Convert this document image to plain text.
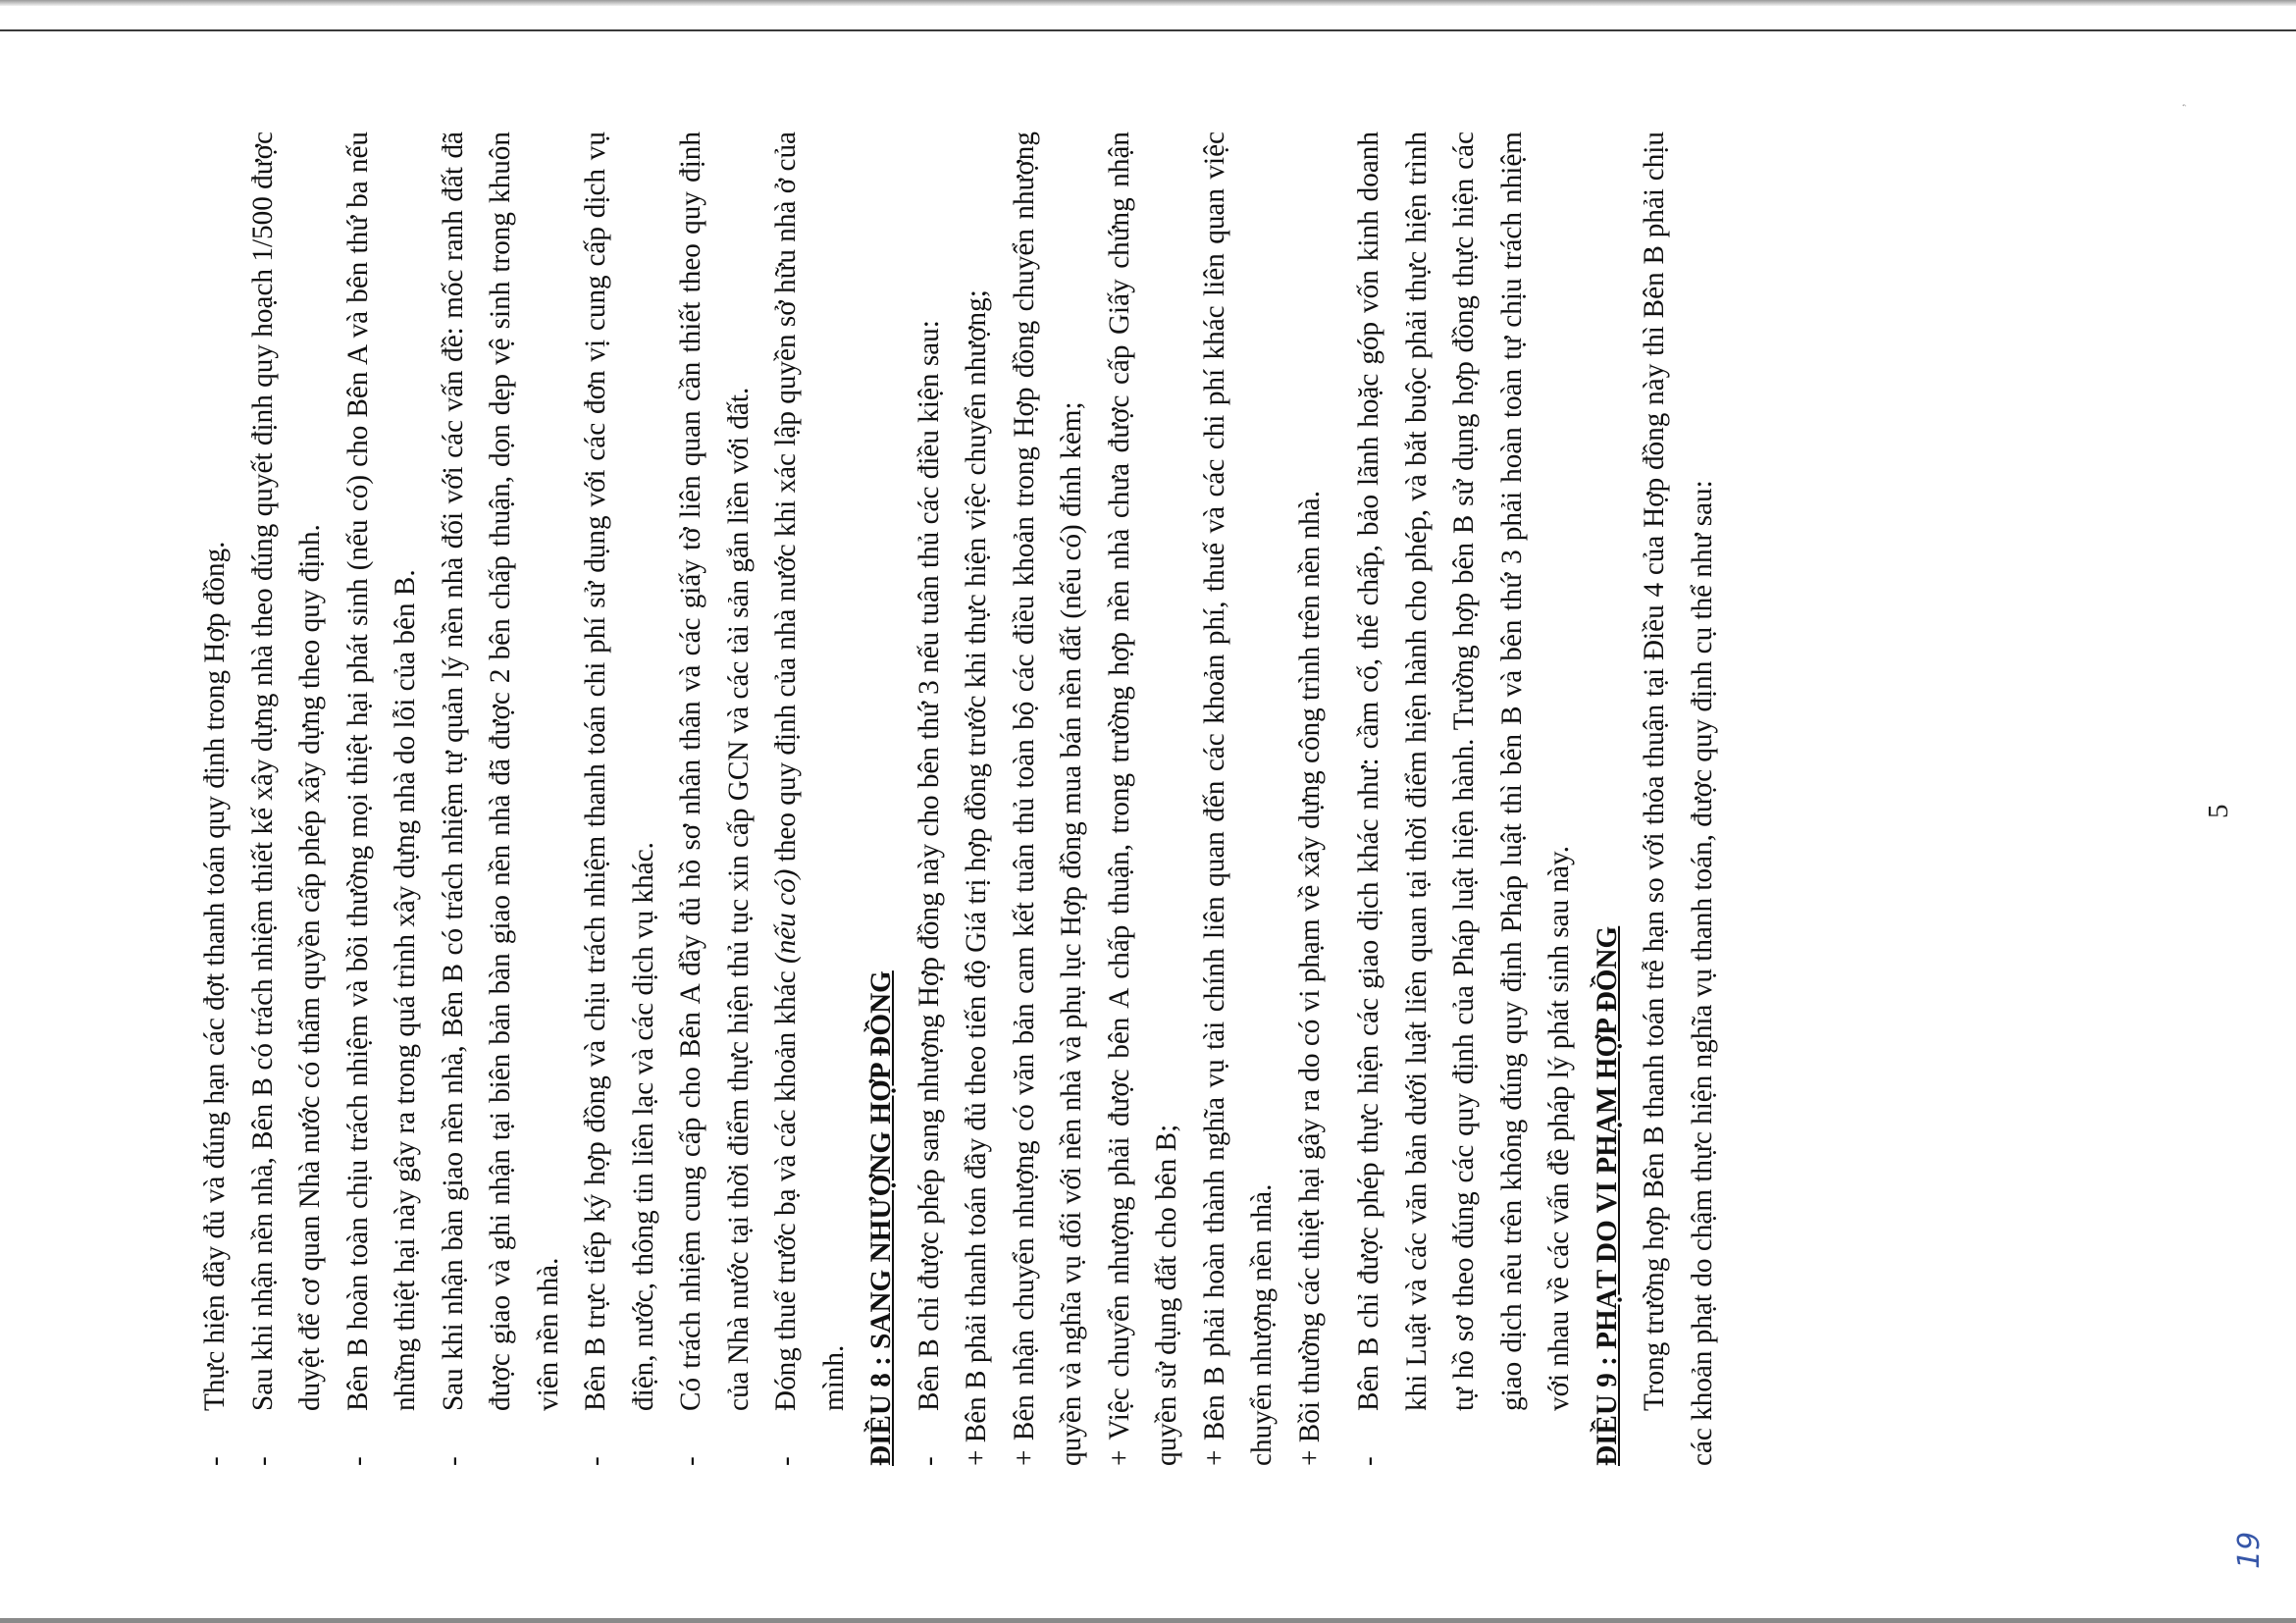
,

-
Thực hiện đầy đủ và đúng hạn các đợt thanh toán quy định trong Hợp đồng.

-
Sau khi nhận nền nhà, Bên B có trách nhiệm thiết kế xây dựng nhà theo đúng quyết định quy hoạch 1/500 được duyệt để cơ quan Nhà nước có thẩm quyền cấp phép xây dựng theo quy định.

-
Bên B hoàn toàn chịu trách nhiệm và bồi thường mọi thiệt hại phát sinh (nếu có) cho Bên A và bên thứ ba nếu những thiệt hại này gây ra trong quá trình xây dựng nhà do lỗi của bên B.

-
Sau khi nhận bàn giao nền nhà, Bên B có trách nhiệm tự quản lý nền nhà đối với các vấn đề: mốc ranh đất đã được giao và ghi nhận tại biên bản bàn giao nền nhà đã được 2 bên chấp thuận, dọn dẹp vệ sinh trong khuôn viên nền nhà.

-
Bên B trực tiếp ký hợp đồng và chịu trách nhiệm thanh toán chi phí sử dụng với các đơn vị cung cấp dịch vụ điện, nước, thông tin liên lạc và các dịch vụ khác.

-
Có trách nhiệm cung cấp cho Bên A đầy đủ hồ sơ nhân thân và các giấy tờ liên quan cần thiết theo quy định của Nhà nước tại thời điểm thực hiện thủ tục xin cấp GCN và các tài sản gắn liền với đất.

-
Đóng thuế trước bạ và các khoản khác (nếu có) theo quy định của nhà nước khi xác lập quyền sở hữu nhà ở của mình. ĐIỀU 8 : SANG NHƯỢNG HỢP ĐỒNG -
Bên B chỉ được phép sang nhượng Hợp đồng này cho bên thứ 3 nếu tuân thủ các điều kiện sau: + Bên B phải thanh toán đầy đủ theo tiến độ Giá trị hợp đồng trước khi thực hiện việc chuyển nhượng; + Bên nhận chuyển nhượng có văn bản cam kết tuân thủ toàn bộ các điều khoản trong Hợp đồng chuyển nhượng quyền và nghĩa vụ đối với nền nhà và phụ lục Hợp đồng mua bán nền đất (nếu có) đính kèm; + Việc chuyển nhượng phải được bên A chấp thuận, trong trường hợp nền nhà chưa được cấp Giấy chứng nhận quyền sử dụng đất cho bên B; + Bên B phải hoàn thành nghĩa vụ tài chính liên quan đến các khoản phí, thuế và các chi phí khác liên quan việc chuyển nhượng nền nhà. + Bồi thường các thiệt hại gây ra do có vi phạm về xây dựng công trình trên nền nhà. -
Bên B chỉ được phép thực hiện các giao dịch khác như: cầm cố, thế chấp, bảo lãnh hoặc góp vốn kinh doanh khi Luật và các văn bản dưới luật liên quan tại thời điểm hiện hành cho phép, và bắt buộc phải thực hiện trình tự hồ sơ theo đúng các quy định của Pháp luật hiện hành. Trường hợp bên B sử dụng hợp đồng thực hiện các giao dịch nêu trên không đúng quy định Pháp luật thì bên B và bên thứ 3 phải hoàn toàn tự chịu trách nhiệm với nhau về các vấn đề pháp lý phát sinh sau này. ĐIỀU 9 : PHẠT DO VI PHẠM HỢP ĐỒNG Trong trường hợp Bên B thanh toán trễ hạn so với thỏa thuận tại Điều 4 của Hợp đồng này thì Bên B phải chịu các khoản phạt do chậm thực hiện nghĩa vụ thanh toán, được quy định cụ thể như sau:	5
19
